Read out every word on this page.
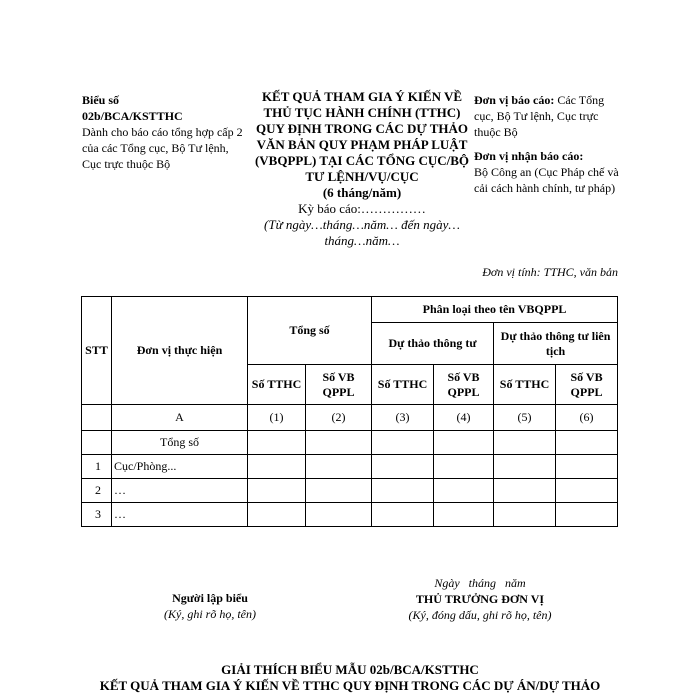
Biểu số
02b/BCA/KSTTHC
Dành cho báo cáo tổng hợp cấp 2 của các Tổng cục, Bộ Tư lệnh, Cục trực thuộc Bộ
KẾT QUẢ THAM GIA Ý KIẾN VỀ THỦ TỤC HÀNH CHÍNH (TTHC) QUY ĐỊNH TRONG CÁC DỰ THẢO VĂN BẢN QUY PHẠM PHÁP LUẬT (VBQPPL) TẠI CÁC TỔNG CỤC/BỘ TƯ LỆNH/VỤ/CỤC
(6 tháng/năm)
Kỳ báo cáo:……………
(Từ ngày…tháng…năm… đến ngày…tháng…năm…
Đơn vị báo cáo: Các Tổng cục, Bộ Tư lệnh, Cục trực thuộc Bộ
Đơn vị nhận báo cáo:
Bộ Công an (Cục Pháp chế và cải cách hành chính, tư pháp)
Đơn vị tính: TTHC, văn bản
STT	Đơn vị thực hiện	Tổng số		Phân loại theo tên VBQPPL			
				Dự thảo thông tư		Dự thảo thông tư liên tịch	
		Số TTHC	Số VB QPPL	Số TTHC	Số VB QPPL	Số TTHC	Số VB QPPL
	A	(1)	(2)	(3)	(4)	(5)	(6)
	Tổng số						
1	Cục/Phòng...						
2	…						
3	…						
Người lập biểu
(Ký, ghi rõ họ, tên)
Ngày   tháng   năm
THỦ TRƯỞNG ĐƠN VỊ
(Ký, đóng dấu, ghi rõ họ, tên)
GIẢI THÍCH BIỂU MẪU 02b/BCA/KSTTHC
KẾT QUẢ THAM GIA Ý KIẾN VỀ TTHC QUY ĐỊNH TRONG CÁC DỰ ÁN/DỰ THẢO
